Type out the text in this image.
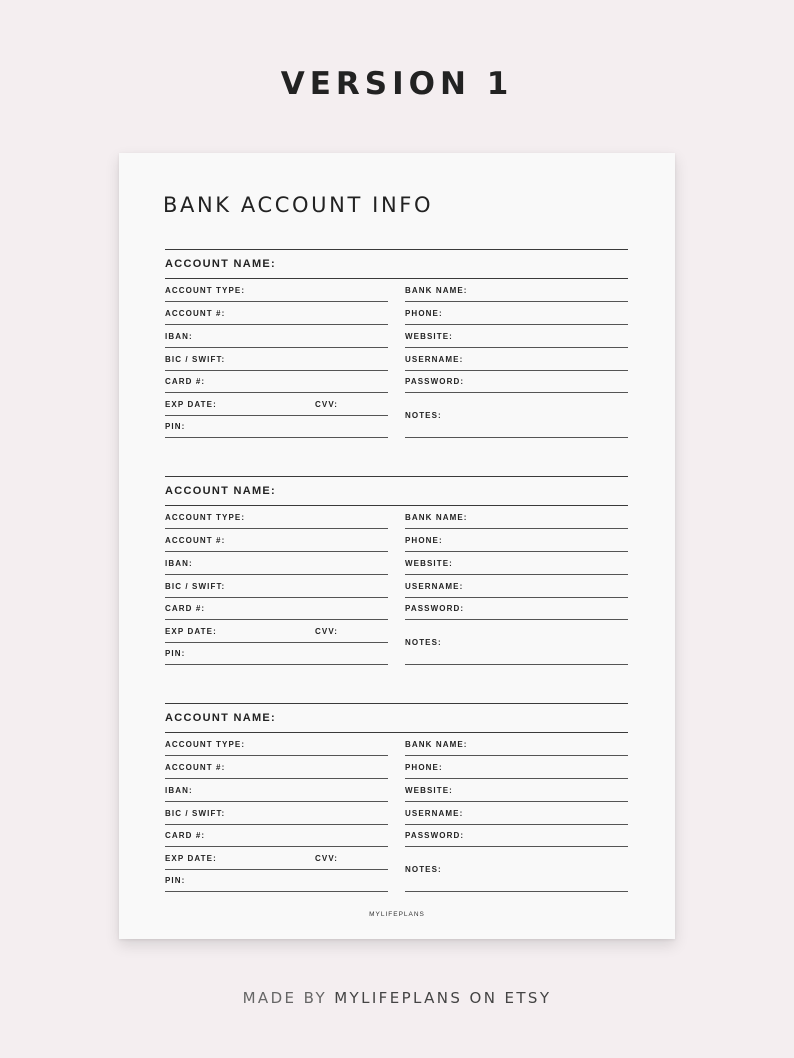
VERSION 1
BANK ACCOUNT INFO
ACCOUNT NAME:
ACCOUNT TYPE:
ACCOUNT #:
IBAN:
BIC / SWIFT:
CARD #:
EXP DATE:	CVV:
PIN:
BANK NAME:
PHONE:
WEBSITE:
USERNAME:
PASSWORD:
NOTES:
ACCOUNT NAME:
ACCOUNT TYPE:
ACCOUNT #:
IBAN:
BIC / SWIFT:
CARD #:
EXP DATE:	CVV:
PIN:
BANK NAME:
PHONE:
WEBSITE:
USERNAME:
PASSWORD:
NOTES:
ACCOUNT NAME:
ACCOUNT TYPE:
ACCOUNT #:
IBAN:
BIC / SWIFT:
CARD #:
EXP DATE:	CVV:
PIN:
BANK NAME:
PHONE:
WEBSITE:
USERNAME:
PASSWORD:
NOTES:
MYLIFEPLANS
MADE BY MYLIFEPLANS ON ETSY
